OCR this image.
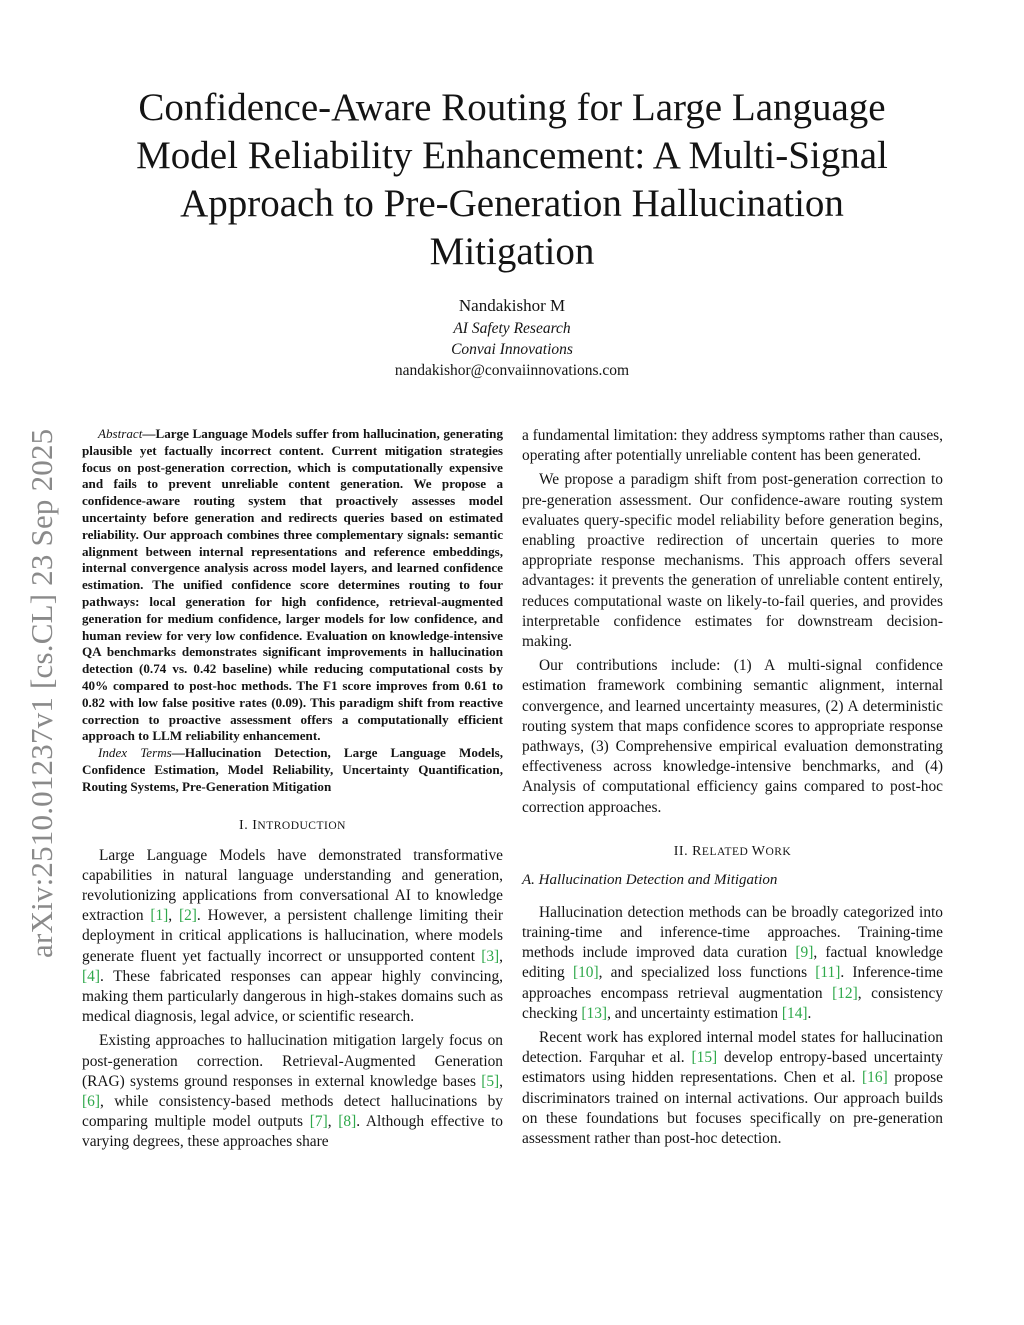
arXiv:2510.01237v1 [cs.CL] 23 Sep 2025
Confidence-Aware Routing for Large Language Model Reliability Enhancement: A Multi-Signal Approach to Pre-Generation Hallucination Mitigation
Nandakishor M
AI Safety Research
Convai Innovations
nandakishor@convaiinnovations.com

Abstract—Large Language Models suffer from hallucination, generating plausible yet factually incorrect content. Current mitigation strategies focus on post-generation correction, which is computationally expensive and fails to prevent unreliable content generation. We propose a confidence-aware routing system that proactively assesses model uncertainty before generation and redirects queries based on estimated reliability. Our approach combines three complementary signals: semantic alignment between internal representations and reference embeddings, internal convergence analysis across model layers, and learned confidence estimation. The unified confidence score determines routing to four pathways: local generation for high confidence, retrieval-augmented generation for medium confidence, larger models for low confidence, and human review for very low confidence. Evaluation on knowledge-intensive QA benchmarks demonstrates significant improvements in hallucination detection (0.74 vs. 0.42 baseline) while reducing computational costs by 40% compared to post-hoc methods. The F1 score improves from 0.61 to 0.82 with low false positive rates (0.09). This paradigm shift from reactive correction to proactive assessment offers a computationally efficient approach to LLM reliability enhancement.

Index Terms—Hallucination Detection, Large Language Models, Confidence Estimation, Model Reliability, Uncertainty Quantification, Routing Systems, Pre-Generation Mitigation

I. INTRODUCTION

Large Language Models have demonstrated transformative capabilities in natural language understanding and generation, revolutionizing applications from conversational AI to knowledge extraction [1], [2]. However, a persistent challenge limiting their deployment in critical applications is hallucination, where models generate fluent yet factually incorrect or unsupported content [3], [4]. These fabricated responses can appear highly convincing, making them particularly dangerous in high-stakes domains such as medical diagnosis, legal advice, or scientific research.

Existing approaches to hallucination mitigation largely focus on post-generation correction. Retrieval-Augmented Generation (RAG) systems ground responses in external knowledge bases [5], [6], while consistency-based methods detect hallucinations by comparing multiple model outputs [7], [8]. Although effective to varying degrees, these approaches share

a fundamental limitation: they address symptoms rather than causes, operating after potentially unreliable content has been generated.

We propose a paradigm shift from post-generation correction to pre-generation assessment. Our confidence-aware routing system evaluates query-specific model reliability before generation begins, enabling proactive redirection of uncertain queries to more appropriate response mechanisms. This approach offers several advantages: it prevents the generation of unreliable content entirely, reduces computational waste on likely-to-fail queries, and provides interpretable confidence estimates for downstream decision-making.

Our contributions include: (1) A multi-signal confidence estimation framework combining semantic alignment, internal convergence, and learned uncertainty measures, (2) A deterministic routing system that maps confidence scores to appropriate response pathways, (3) Comprehensive empirical evaluation demonstrating effectiveness across knowledge-intensive benchmarks, and (4) Analysis of computational efficiency gains compared to post-hoc correction approaches.

II. RELATED WORK

A. Hallucination Detection and Mitigation

Hallucination detection methods can be broadly categorized into training-time and inference-time approaches. Training-time methods include improved data curation [9], factual knowledge editing [10], and specialized loss functions [11]. Inference-time approaches encompass retrieval augmentation [12], consistency checking [13], and uncertainty estimation [14].

Recent work has explored internal model states for hallucination detection. Farquhar et al. [15] develop entropy-based uncertainty estimators using hidden representations. Chen et al. [16] propose discriminators trained on internal activations. Our approach builds on these foundations but focuses specifically on pre-generation assessment rather than post-hoc detection.
